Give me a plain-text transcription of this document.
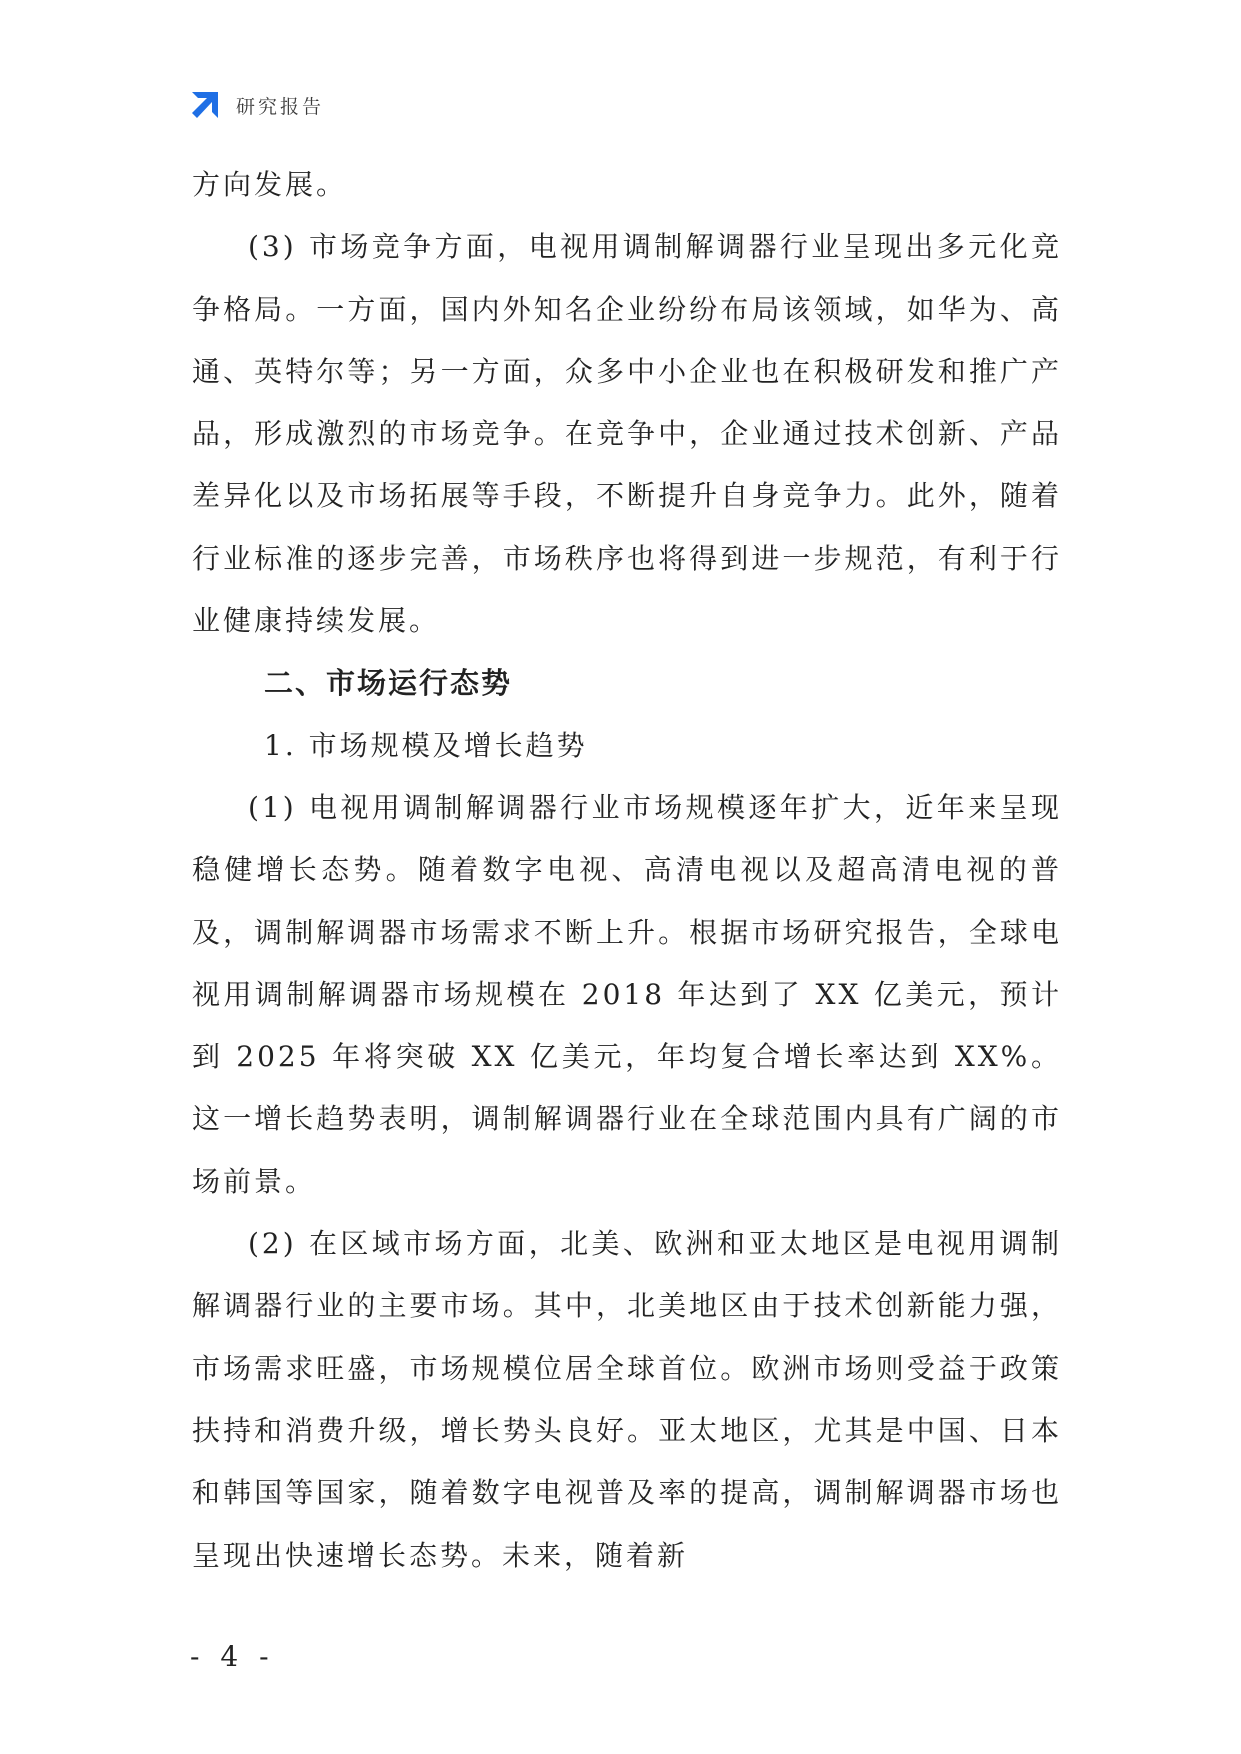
研究报告

方向发展。

(3) 市场竞争方面，电视用调制解调器行业呈现出多元化竞争格局。一方面，国内外知名企业纷纷布局该领域，如华为、高通、英特尔等；另一方面，众多中小企业也在积极研发和推广产品，形成激烈的市场竞争。在竞争中，企业通过技术创新、产品差异化以及市场拓展等手段，不断提升自身竞争力。此外，随着行业标准的逐步完善，市场秩序也将得到进一步规范，有利于行业健康持续发展。

二、市场运行态势
1. 市场规模及增长趋势

(1) 电视用调制解调器行业市场规模逐年扩大，近年来呈现稳健增长态势。随着数字电视、高清电视以及超高清电视的普及，调制解调器市场需求不断上升。根据市场研究报告，全球电视用调制解调器市场规模在 2018 年达到了 XX 亿美元，预计到 2025 年将突破 XX 亿美元，年均复合增长率达到 XX%。这一增长趋势表明，调制解调器行业在全球范围内具有广阔的市场前景。

(2) 在区域市场方面，北美、欧洲和亚太地区是电视用调制解调器行业的主要市场。其中，北美地区由于技术创新能力强，市场需求旺盛，市场规模位居全球首位。欧洲市场则受益于政策扶持和消费升级，增长势头良好。亚太地区，尤其是中国、日本和韩国等国家，随着数字电视普及率的提高，调制解调器市场也呈现出快速增长态势。未来，随着新

- 4 -
